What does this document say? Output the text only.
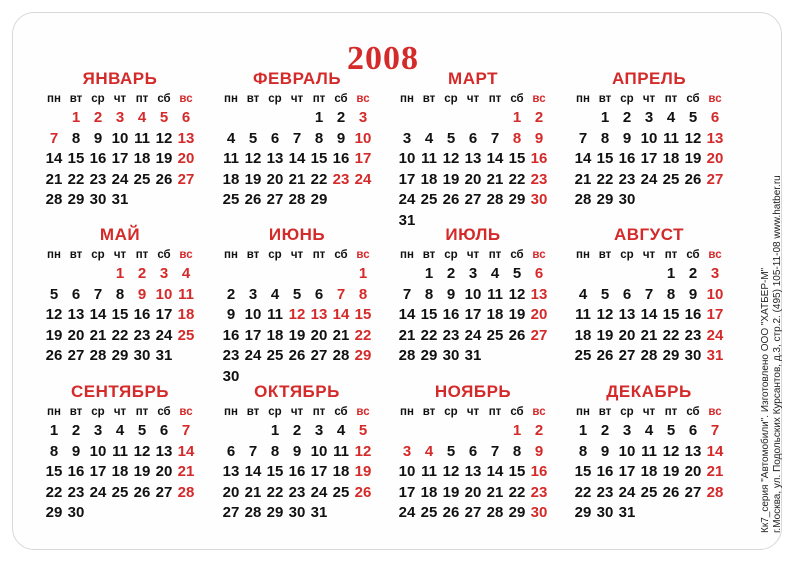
2008
ЯНВАРЬ
пн вт ср чт пт сб вс
1 2 3 4 5 6
7 8 9 10 11 12 13
14 15 16 17 18 19 20
21 22 23 24 25 26 27
28 29 30 31
ФЕВРАЛЬ
пн вт ср чт пт сб вс
1 2 3
4 5 6 7 8 9 10
11 12 13 14 15 16 17
18 19 20 21 22 23 24
25 26 27 28 29
МАРТ
пн вт ср чт пт сб вс
1 2
3 4 5 6 7 8 9
10 11 12 13 14 15 16
17 18 19 20 21 22 23
24 25 26 27 28 29 30
31
АПРЕЛЬ
пн вт ср чт пт сб вс
1 2 3 4 5 6
7 8 9 10 11 12 13
14 15 16 17 18 19 20
21 22 23 24 25 26 27
28 29 30
МАЙ
пн вт ср чт пт сб вс
1 2 3 4
5 6 7 8 9 10 11
12 13 14 15 16 17 18
19 20 21 22 23 24 25
26 27 28 29 30 31
ИЮНЬ
пн вт ср чт пт сб вс
1
2 3 4 5 6 7 8
9 10 11 12 13 14 15
16 17 18 19 20 21 22
23 24 25 26 27 28 29
30
ИЮЛЬ
пн вт ср чт пт сб вс
1 2 3 4 5 6
7 8 9 10 11 12 13
14 15 16 17 18 19 20
21 22 23 24 25 26 27
28 29 30 31
АВГУСТ
пн вт ср чт пт сб вс
1 2 3
4 5 6 7 8 9 10
11 12 13 14 15 16 17
18 19 20 21 22 23 24
25 26 27 28 29 30 31
СЕНТЯБРЬ
пн вт ср чт пт сб вс
1 2 3 4 5 6 7
8 9 10 11 12 13 14
15 16 17 18 19 20 21
22 23 24 25 26 27 28
29 30
ОКТЯБРЬ
пн вт ср чт пт сб вс
1 2 3 4 5
6 7 8 9 10 11 12
13 14 15 16 17 18 19
20 21 22 23 24 25 26
27 28 29 30 31
НОЯБРЬ
пн вт ср чт пт сб вс
1 2
3 4 5 6 7 8 9
10 11 12 13 14 15 16
17 18 19 20 21 22 23
24 25 26 27 28 29 30
ДЕКАБРЬ
пн вт ср чт пт сб вс
1 2 3 4 5 6 7
8 9 10 11 12 13 14
15 16 17 18 19 20 21
22 23 24 25 26 27 28
29 30 31	Кк7_серия "Автомобили". Изготовлено ООО "ХАТБЕР-М" г.Москва, ул. Подольских Курсантов, д.3, стр.2. (495) 105-11-08 www.hatber.ru
